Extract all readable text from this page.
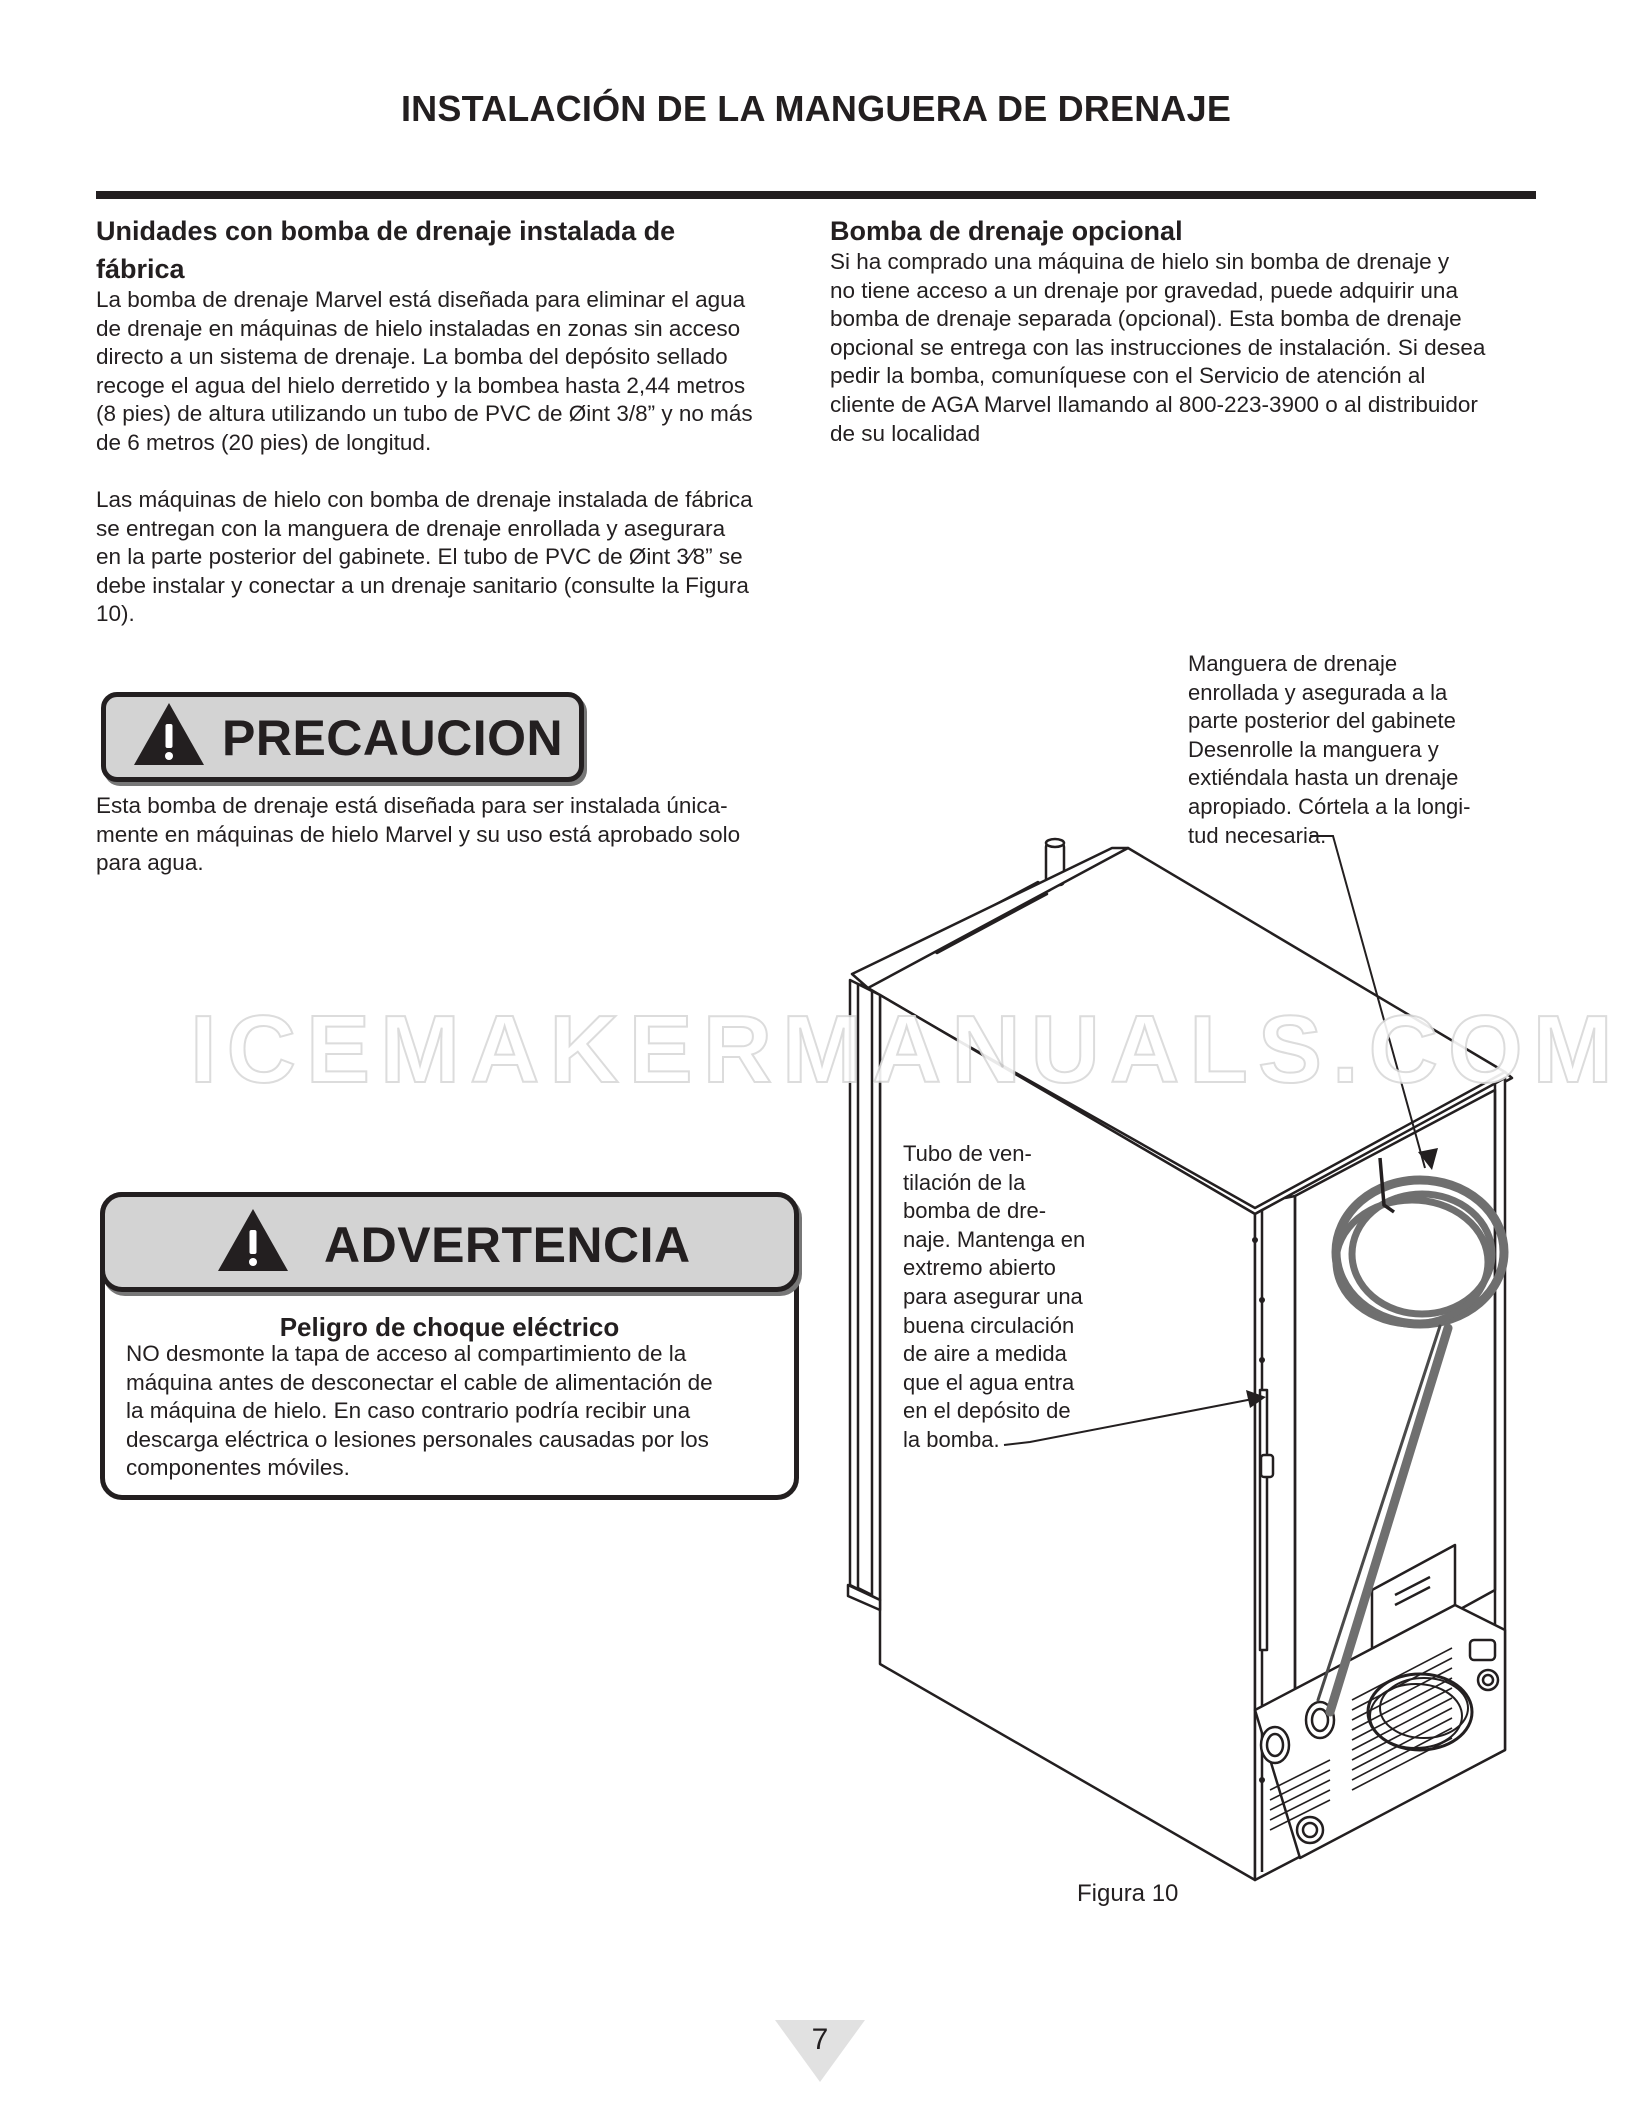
INSTALACIÓN DE LA MANGUERA DE DRENAJE
Unidades con bomba de drenaje instalada de
fábrica
La bomba de drenaje Marvel está diseñada para eliminar el agua
de drenaje en máquinas de hielo instaladas en zonas sin acceso
directo a un sistema de drenaje. La bomba del depósito sellado
recoge el agua del hielo derretido y la bombea hasta 2,44 metros
(8 pies) de altura utilizando un tubo de PVC de Øint 3/8” y no más
de 6 metros (20 pies) de longitud.
Las máquinas de hielo con bomba de drenaje instalada de fábrica
se entregan con la manguera de drenaje enrollada y asegurara
en la parte posterior del gabinete. El tubo de PVC de Øint 3⁄8” se
debe instalar y conectar a un drenaje sanitario (consulte la Figura
10).
PRECAUCION
Esta bomba de drenaje está diseñada para ser instalada única-
mente en máquinas de hielo Marvel y su uso está aprobado solo
para agua.
ADVERTENCIA
Peligro de choque eléctrico
NO desmonte la tapa de acceso al compartimiento de la
máquina antes de desconectar el cable de alimentación de
la máquina de hielo. En caso contrario podría recibir una
descarga eléctrica o lesiones personales causadas por los
componentes móviles.
Bomba de drenaje opcional
Si ha comprado una máquina de hielo sin bomba de drenaje y
no tiene acceso a un drenaje por gravedad, puede adquirir una
bomba de drenaje separada (opcional). Esta bomba de drenaje
opcional se entrega con las instrucciones de instalación. Si desea
pedir la bomba, comuníquese con el Servicio de atención al
cliente de AGA Marvel llamando al 800-223-3900 o al distribuidor
de su localidad
Manguera de drenaje
enrollada y asegurada a la
parte posterior del gabinete
Desenrolle la manguera y
extiéndala hasta un drenaje
apropiado. Córtela a la longi-
tud necesaria.
Tubo de ven-
tilación de la
bomba de dre-
naje. Mantenga en
extremo abierto
para asegurar una
buena circulación
de aire a medida
que el agua entra
en el depósito de
la bomba.
Figura 10
ICEMAKERMANUALS.COM
7
